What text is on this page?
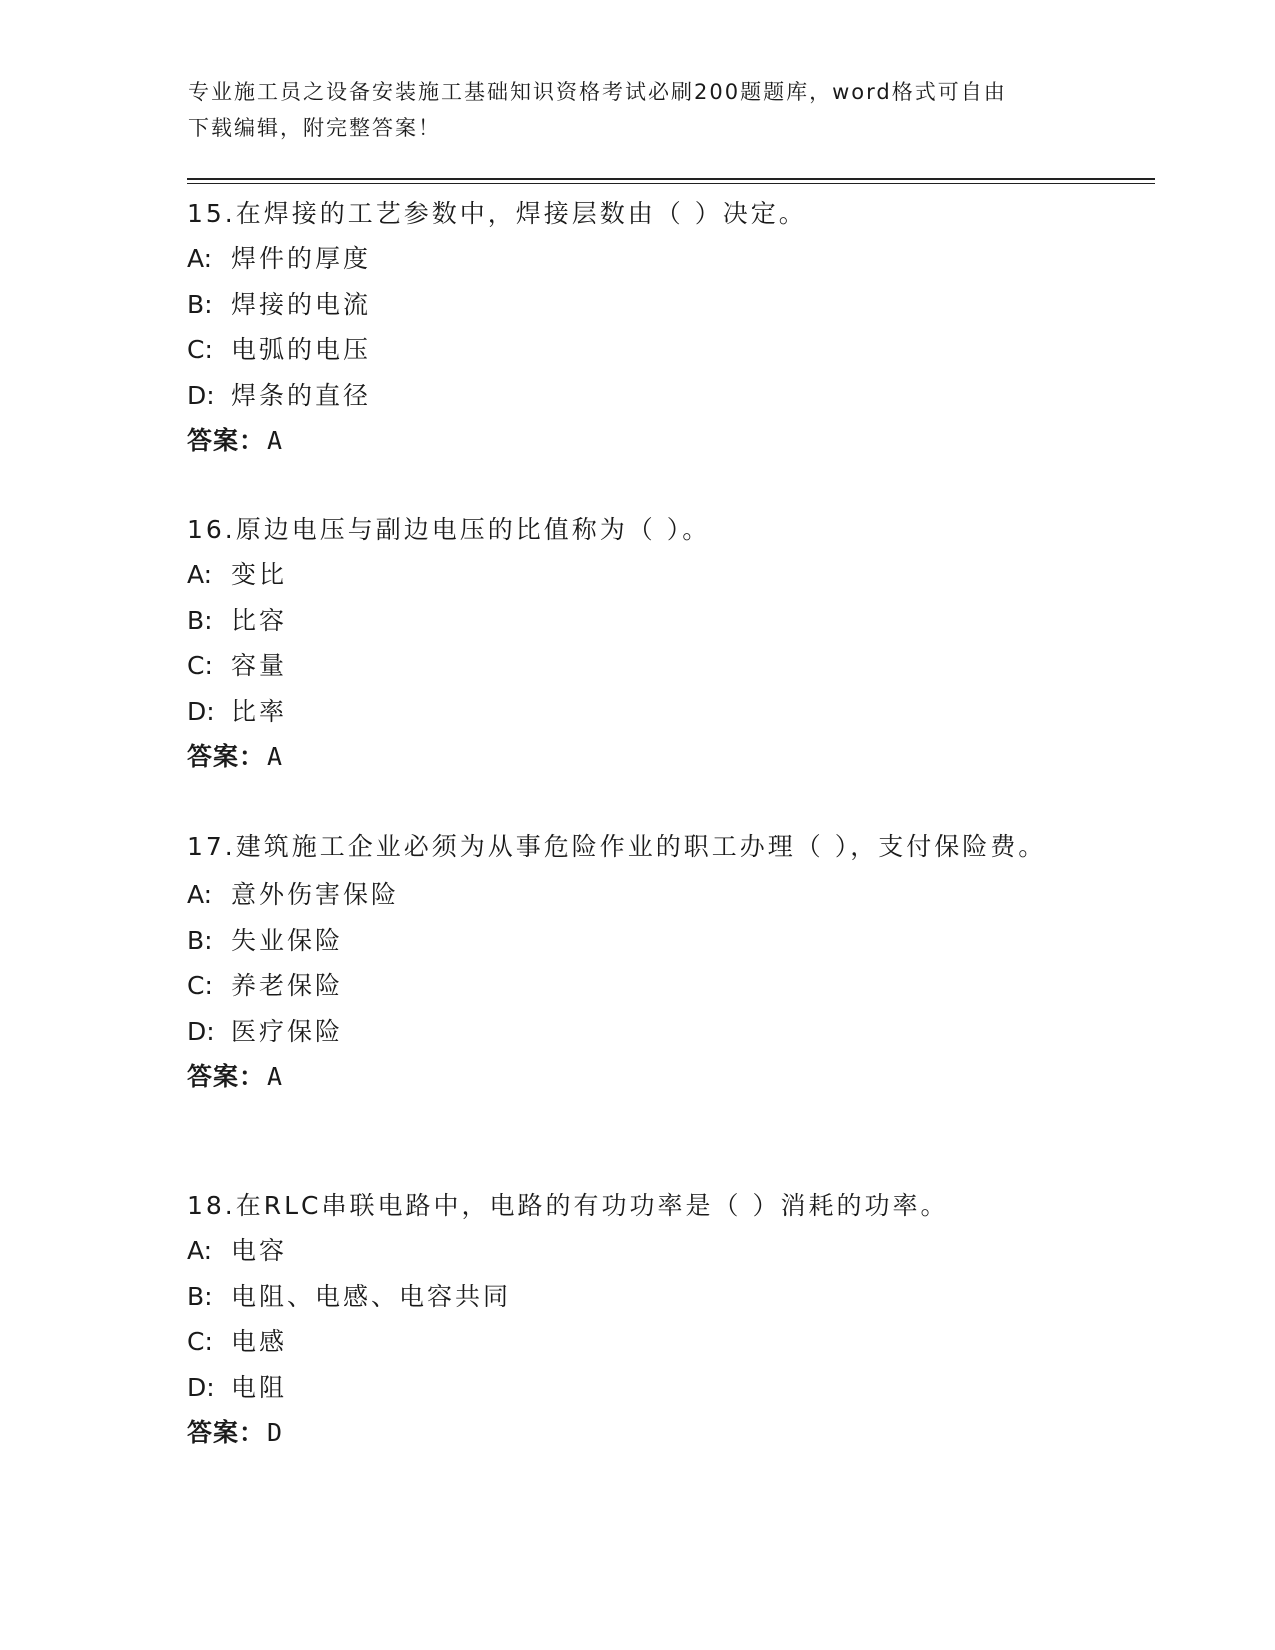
专业施工员之设备安装施工基础知识资格考试必刷200题题库，word格式可自由
下载编辑，附完整答案！
15.在焊接的工艺参数中，焊接层数由（ ）决定。
A: 焊件的厚度
B: 焊接的电流
C: 电弧的电压
D: 焊条的直径
答案：A
16.原边电压与副边电压的比值称为（ ）。
A: 变比
B: 比容
C: 容量
D: 比率
答案：A
17.建筑施工企业必须为从事危险作业的职工办理（ ），支付保险费。
A: 意外伤害保险
B: 失业保险
C: 养老保险
D: 医疗保险
答案：A
18.在RLC串联电路中，电路的有功功率是（ ）消耗的功率。
A: 电容
B: 电阻、电感、电容共同
C: 电感
D: 电阻
答案：D
